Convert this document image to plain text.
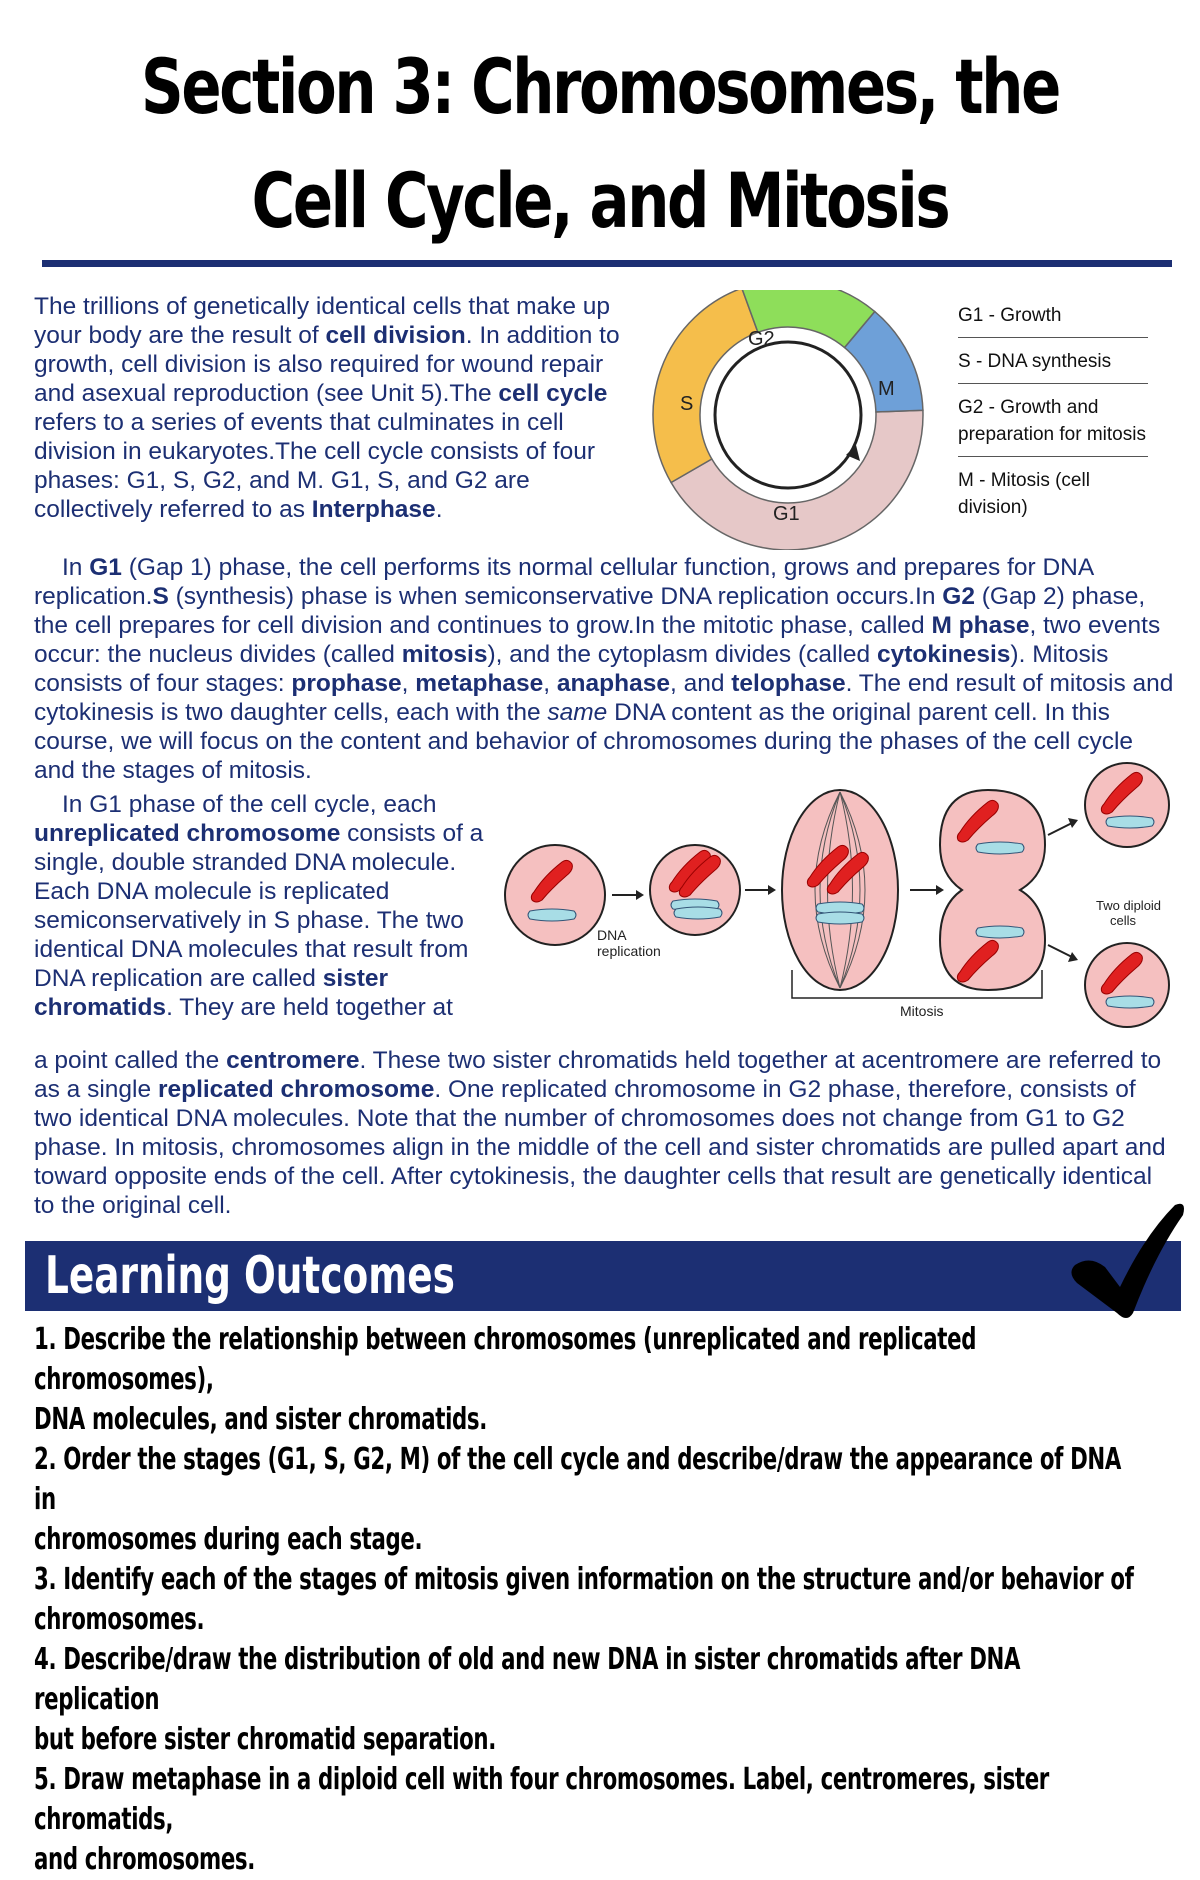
Section 3: Chromosomes, the
Cell Cycle, and Mitosis
The trillions of genetically identical cells that make up your body are the result of cell division. In addition to growth, cell division is also required for wound repair and asexual reproduction (see Unit 5).The cell cycle refers to a series of events that culminates in cell division in eukaryotes.The cell cycle consists of four phases: G1, S, G2, and M. G1, S, and G2 are collectively referred to as Interphase.
G2
S
M
G1
G1 - Growth
S - DNA synthesis
G2 - Growth and preparation for mitosis
M - Mitosis (cell division)

In G1 (Gap 1) phase, the cell performs its normal cellular function, grows and prepares for DNA replication.S (synthesis) phase is when semiconservative DNA replication occurs.In G2 (Gap 2) phase, the cell prepares for cell division and continues to grow.In the mitotic phase, called M phase, two events occur: the nucleus divides (called mitosis), and the cytoplasm divides (called cytokinesis). Mitosis consists of four stages: prophase, metaphase, anaphase, and telophase. The end result of mitosis and cytokinesis is two daughter cells, each with the same DNA content as the original parent cell. In this course, we will focus on the content and behavior of chromosomes during the phases of the cell cycle and the stages of mitosis.

In G1 phase of the cell cycle, each unreplicated chromosome consists of a single, double stranded DNA molecule. Each DNA molecule is replicated semiconservatively in S phase. The two identical DNA molecules that result from DNA replication are called sister chromatids. They are held together at
DNA
replication
Mitosis
Two diploid
cells
a point called the centromere. These two sister chromatids held together at acentromere are referred to as a single replicated chromosome. One replicated chromosome in G2 phase, therefore, consists of two identical DNA molecules. Note that the number of chromosomes does not change from G1 to G2 phase. In mitosis, chromosomes align in the middle of the cell and sister chromatids are pulled apart and toward opposite ends of the cell. After cytokinesis, the daughter cells that result are genetically identical to the original cell.
Learning Outcomes
1. Describe the relationship between chromosomes (unreplicated and replicated chromosomes),
DNA molecules, and sister chromatids.
2. Order the stages (G1, S, G2, M) of the cell cycle and describe/draw the appearance of DNA in
chromosomes during each stage.
3. Identify each of the stages of mitosis given information on the structure and/or behavior of
chromosomes.
4. Describe/draw the distribution of old and new DNA in sister chromatids after DNA replication
but before sister chromatid separation.
5. Draw metaphase in a diploid cell with four chromosomes. Label, centromeres, sister chromatids,
and chromosomes.
